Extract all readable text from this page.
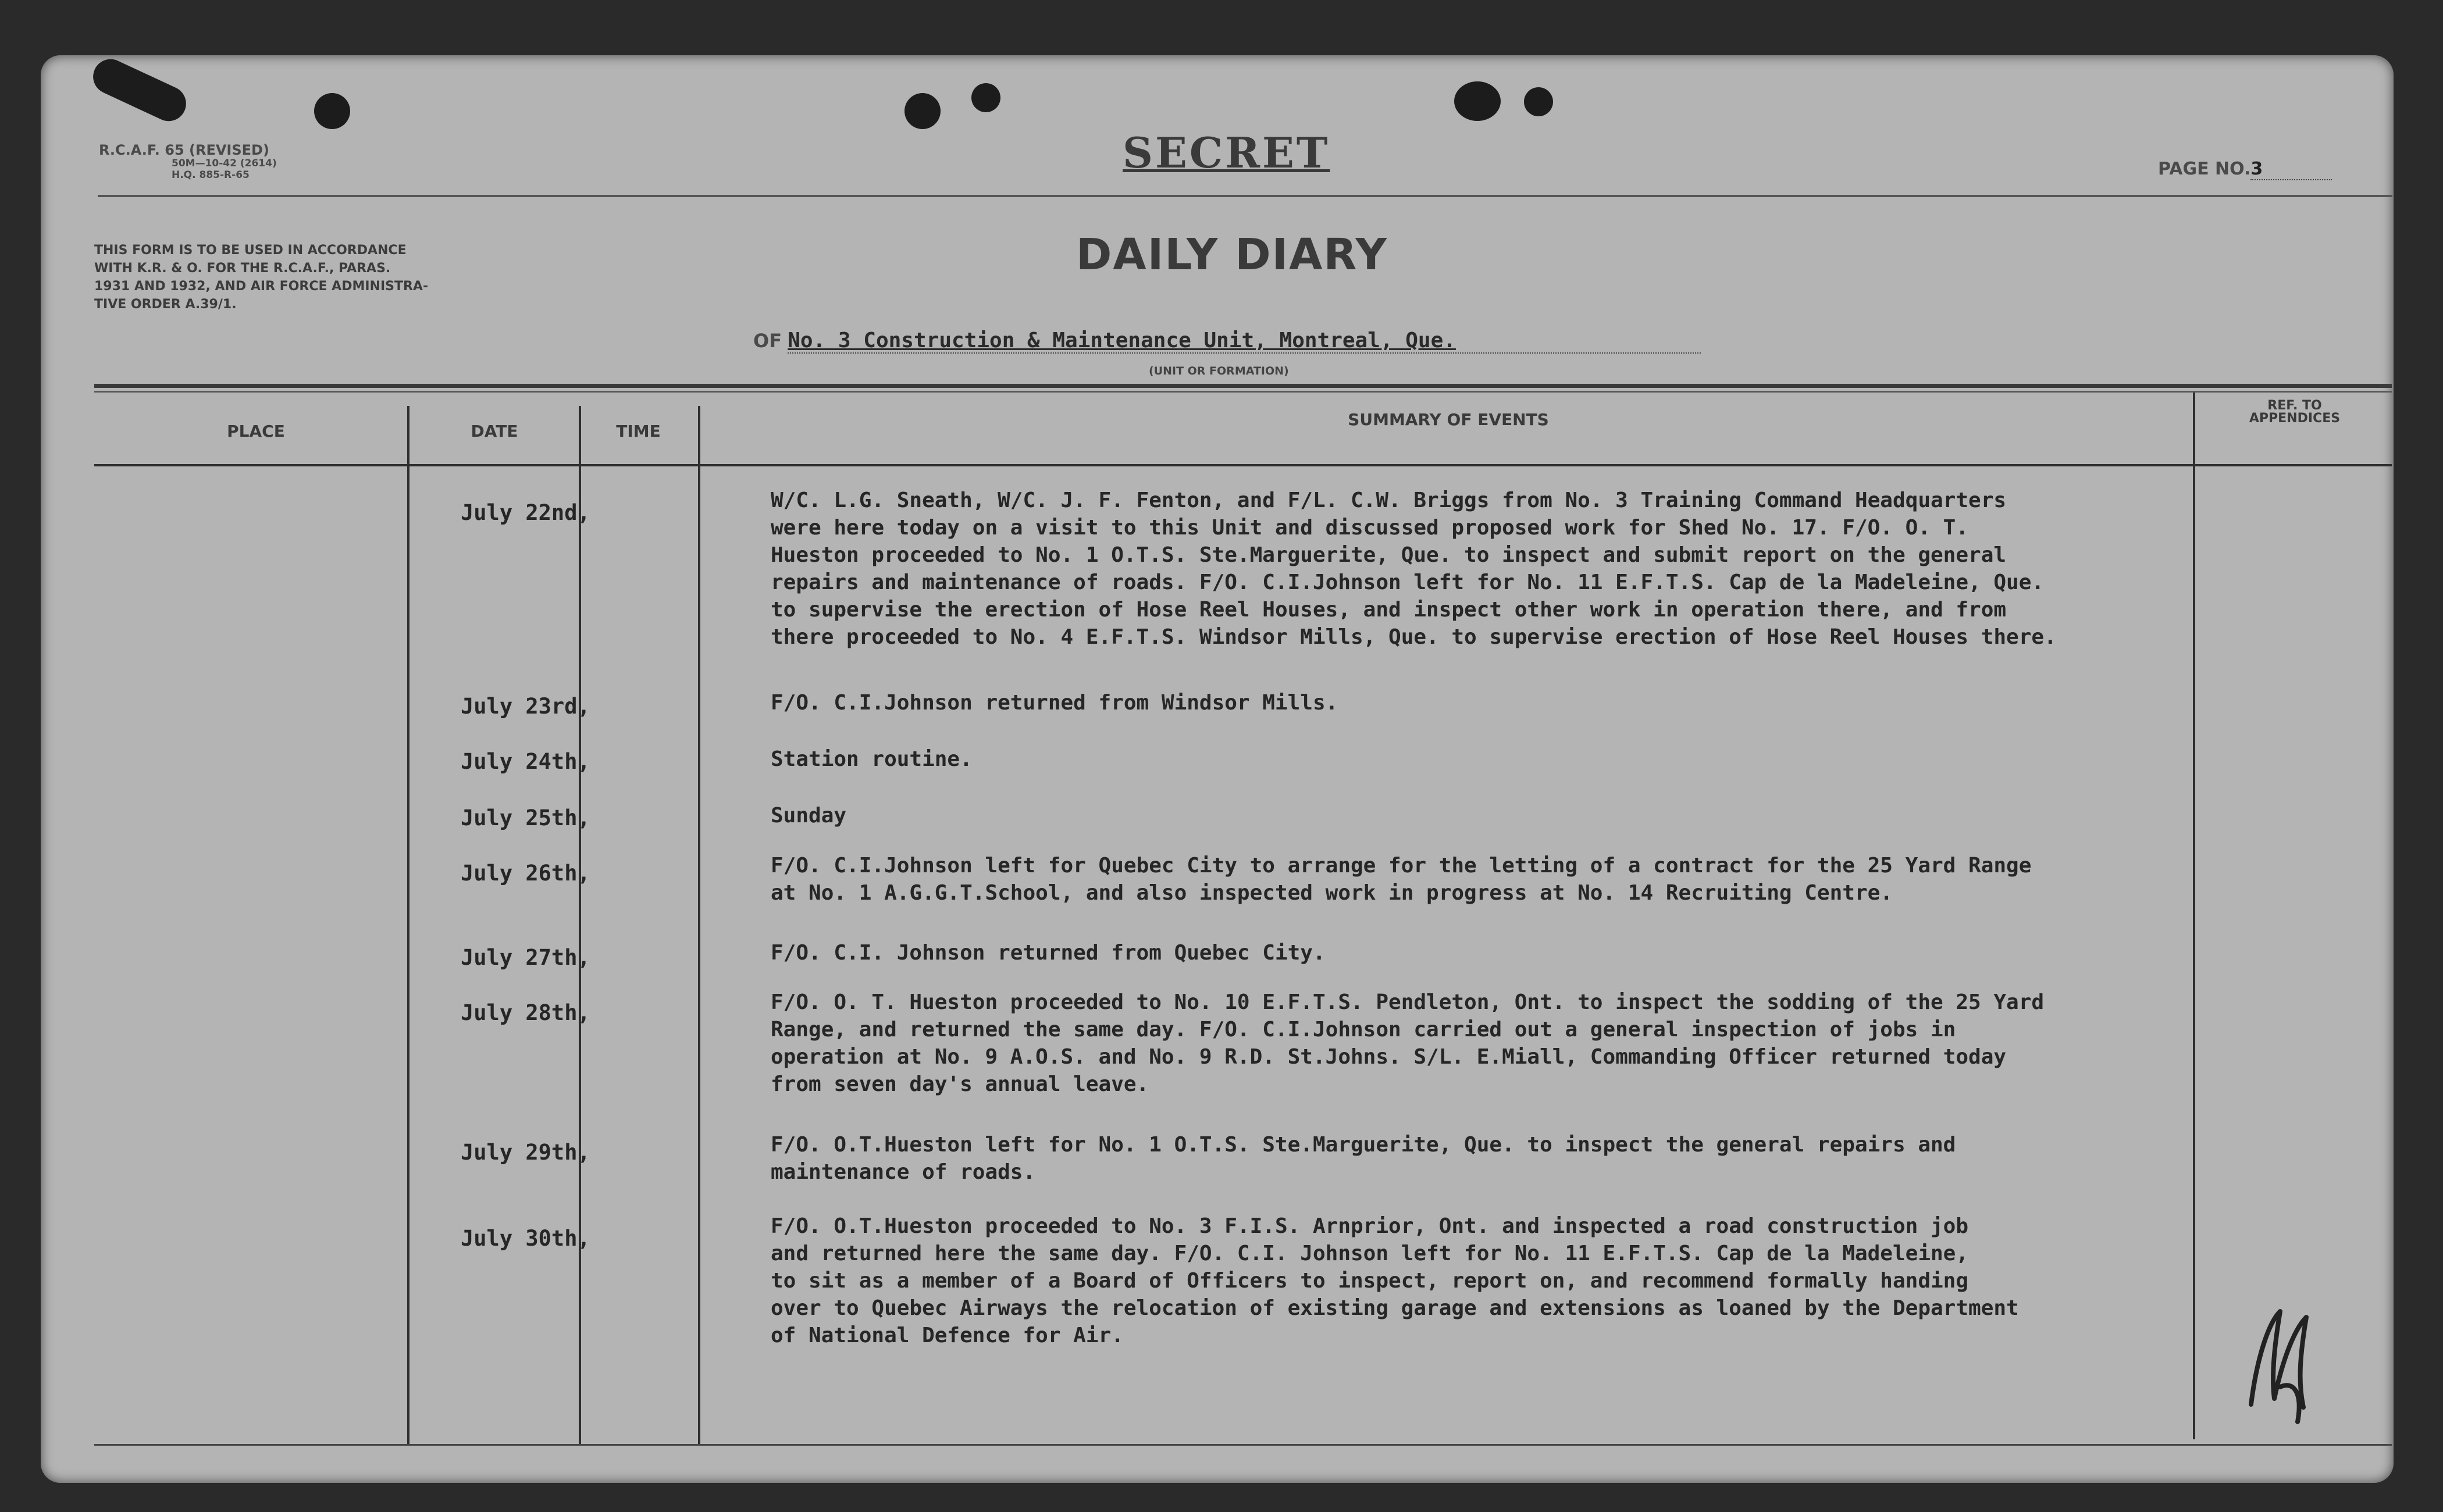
R.C.A.F. 65 (REVISED)
50M—10-42 (2614)
H.Q. 885-R-65	SECRET	PAGE NO.3
THIS FORM IS TO BE USED IN ACCORDANCE
WITH K.R. & O. FOR THE R.C.A.F., PARAS.
1931 AND 1932, AND AIR FORCE ADMINISTRA-
TIVE ORDER A.39/1.
DAILY DIARY
OF No. 3 Construction & Maintenance Unit, Montreal, Que.
(UNIT OR FORMATION)
PLACE	DATE	TIME
SUMMARY OF EVENTS
REF. TO
APPENDICES
July 22nd,	W/C. L.G. Sneath, W/C. J. F. Fenton, and F/L. C.W. Briggs from No. 3 Training Command Headquarters
were here today on a visit to this Unit and discussed proposed work for Shed No. 17. F/O. O. T.
Hueston proceeded to No. 1 O.T.S. Ste.Marguerite, Que. to inspect and submit report on the general
repairs and maintenance of roads. F/O. C.I.Johnson left for No. 11 E.F.T.S. Cap de la Madeleine, Que.
to supervise the erection of Hose Reel Houses, and inspect other work in operation there, and from
there proceeded to No. 4 E.F.T.S. Windsor Mills, Que. to supervise erection of Hose Reel Houses there.
July 23rd,	F/O. C.I.Johnson returned from Windsor Mills.
July 24th,	Station routine.
July 25th,	Sunday
July 26th,	F/O. C.I.Johnson left for Quebec City to arrange for the letting of a contract for the 25 Yard Range
at No. 1 A.G.G.T.School, and also inspected work in progress at No. 14 Recruiting Centre.
July 27th,	F/O. C.I. Johnson returned from Quebec City.
July 28th,	F/O. O. T. Hueston proceeded to No. 10 E.F.T.S. Pendleton, Ont. to inspect the sodding of the 25 Yard
Range, and returned the same day. F/O. C.I.Johnson carried out a general inspection of jobs in
operation at No. 9 A.O.S. and No. 9 R.D. St.Johns. S/L. E.Miall, Commanding Officer returned today
from seven day's annual leave.
July 29th,	F/O. O.T.Hueston left for No. 1 O.T.S. Ste.Marguerite, Que. to inspect the general repairs and
maintenance of roads.
July 30th,	F/O. O.T.Hueston proceeded to No. 3 F.I.S. Arnprior, Ont. and inspected a road construction job
and returned here the same day. F/O. C.I. Johnson left for No. 11 E.F.T.S. Cap de la Madeleine,
to sit as a member of a Board of Officers to inspect, report on, and recommend formally handing
over to Quebec Airways the relocation of existing garage and extensions as loaned by the Department
of National Defence for Air.
